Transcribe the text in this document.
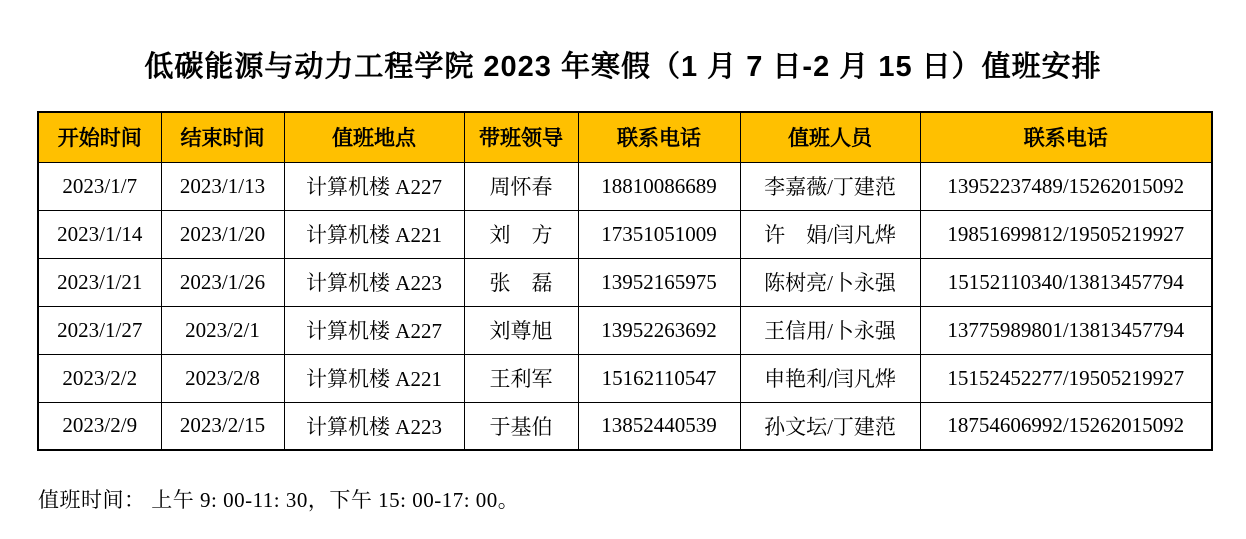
低碳能源与动力工程学院 2023 年寒假（1 月 7 日-2 月 15 日）值班安排
开始时间	结束时间	值班地点	带班领导	联系电话	值班人员	联系电话
2023/1/7	2023/1/13	计算机楼 A227	周怀春	18810086689	李嘉薇/丁建范	13952237489/15262015092
2023/1/14	2023/1/20	计算机楼 A221	刘　方	17351051009	许　娟/闫凡烨	19851699812/19505219927
2023/1/21	2023/1/26	计算机楼 A223	张　磊	13952165975	陈树亮/卜永强	15152110340/13813457794
2023/1/27	2023/2/1	计算机楼 A227	刘尊旭	13952263692	王信用/卜永强	13775989801/13813457794
2023/2/2	2023/2/8	计算机楼 A221	王利军	15162110547	申艳利/闫凡烨	15152452277/19505219927
2023/2/9	2023/2/15	计算机楼 A223	于基伯	13852440539	孙文坛/丁建范	18754606992/15262015092
值班时间： 上午 9: 00-11: 30，下午 15: 00-17: 00。
